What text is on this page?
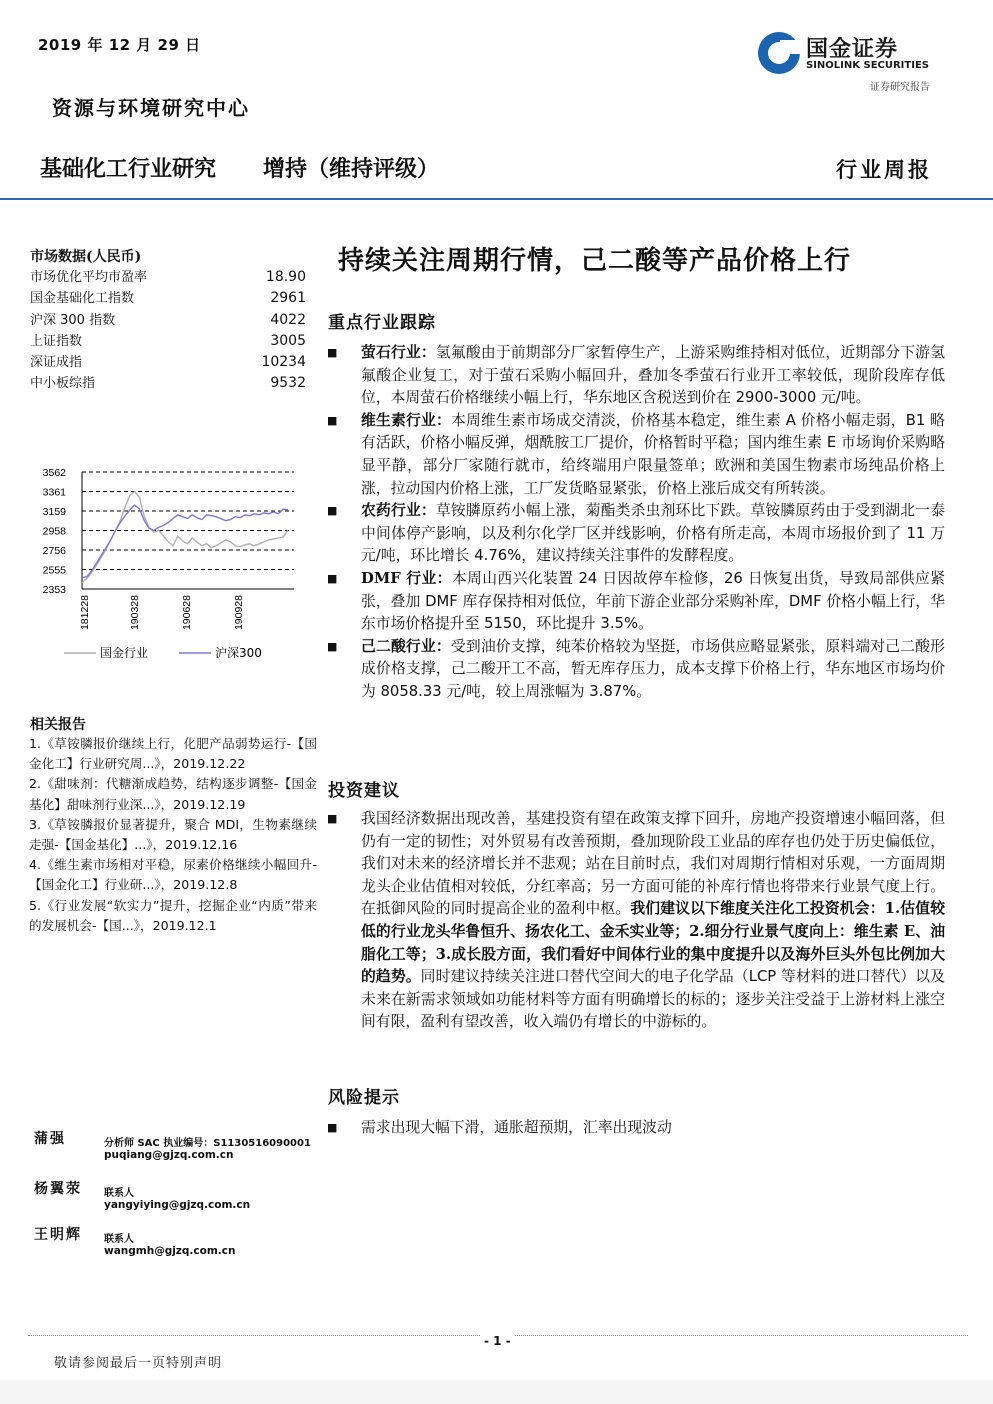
2019 年 12 月 29 日
资源与环境研究中心
国金证券
SINOLINK SECURITIES
证券研究报告
基础化工行业研究 增持（维持评级）	行业周报
市场数据(人民币)
市场优化平均市盈率	18.90
国金基础化工指数	2961
沪深 300 指数	4022
上证指数	3005
深证成指	10234
中小板综指	9532
3562
3361
3159
2958
2756
2555
2353
181228	190328	190628	190928
国金行业	沪深300
相关报告
1.《草铵膦报价继续上行，化肥产品弱势运行-【国金化工】行业研究周...》，2019.12.22
2.《甜味剂：代糖渐成趋势，结构逐步调整-【国金基化】甜味剂行业深...》，2019.12.19
3.《草铵膦报价显著提升，聚合 MDI，生物素继续走强-【国金基化】...》，2019.12.16
4.《维生素市场相对平稳，尿素价格继续小幅回升-【国金化工】行业研...》，2019.12.8
5.《行业发展“软实力”提升，挖掘企业“内质”带来的发展机会-【国...》，2019.12.1
蒲强	分析师 SAC 执业编号：S1130516090001
puqiang@gjzq.com.cn
杨翼荥 联系人
yangyiying@gjzq.com.cn
王明辉 联系人
wangmh@gjzq.com.cn
持续关注周期行情，己二酸等产品价格上行
重点行业跟踪
■ 萤石行业：氢氟酸由于前期部分厂家暂停生产，上游采购维持相对低位，近期部分下游氢氟酸企业复工，对于萤石采购小幅回升，叠加冬季萤石行业开工率较低，现阶段库存低位，本周萤石价格继续小幅上行，华东地区含税送到价在 2900-3000 元/吨。
■ 维生素行业：本周维生素市场成交清淡，价格基本稳定，维生素 A 价格小幅走弱，B1 略有活跃，价格小幅反弹，烟酰胺工厂提价，价格暂时平稳；国内维生素 E 市场询价采购略显平静，部分厂家随行就市，给终端用户限量签单；欧洲和美国生物素市场纯品价格上涨，拉动国内价格上涨，工厂发货略显紧张，价格上涨后成交有所转淡。
■ 农药行业：草铵膦原药小幅上涨，菊酯类杀虫剂环比下跌。草铵膦原药由于受到湖北一泰中间体停产影响，以及利尔化学厂区并线影响，价格有所走高，本周市场报价到了 11 万元/吨，环比增长 4.76%，建议持续关注事件的发酵程度。
■ DMF 行业：本周山西兴化装置 24 日因故停车检修，26 日恢复出货，导致局部供应紧张，叠加 DMF 库存保持相对低位，年前下游企业部分采购补库，DMF 价格小幅上行，华东市场价格提升至 5150，环比提升 3.5%。
■ 己二酸行业：受到油价支撑，纯苯价格较为坚挺，市场供应略显紧张，原料端对己二酸形成价格支撑，己二酸开工不高，暂无库存压力，成本支撑下价格上行，华东地区市场均价为 8058.33 元/吨，较上周涨幅为 3.87%。
投资建议
■ 我国经济数据出现改善，基建投资有望在政策支撑下回升，房地产投资增速小幅回落，但仍有一定的韧性；对外贸易有改善预期，叠加现阶段工业品的库存也仍处于历史偏低位，我们对未来的经济增长并不悲观；站在目前时点，我们对周期行情相对乐观，一方面周期龙头企业估值相对较低，分红率高；另一方面可能的补库行情也将带来行业景气度上行。在抵御风险的同时提高企业的盈利中枢。我们建议以下维度关注化工投资机会：1.估值较低的行业龙头华鲁恒升、扬农化工、金禾实业等；2.细分行业景气度向上：维生素 E、油脂化工等；3.成长股方面，我们看好中间体行业的集中度提升以及海外巨头外包比例加大的趋势。同时建议持续关注进口替代空间大的电子化学品（LCP 等材料的进口替代）以及未来在新需求领域如功能材料等方面有明确增长的标的；逐步关注受益于上游材料上涨空间有限，盈利有望改善，收入端仍有增长的中游标的。
风险提示
■ 需求出现大幅下滑，通胀超预期，汇率出现波动
- 1 -
敬请参阅最后一页特别声明
